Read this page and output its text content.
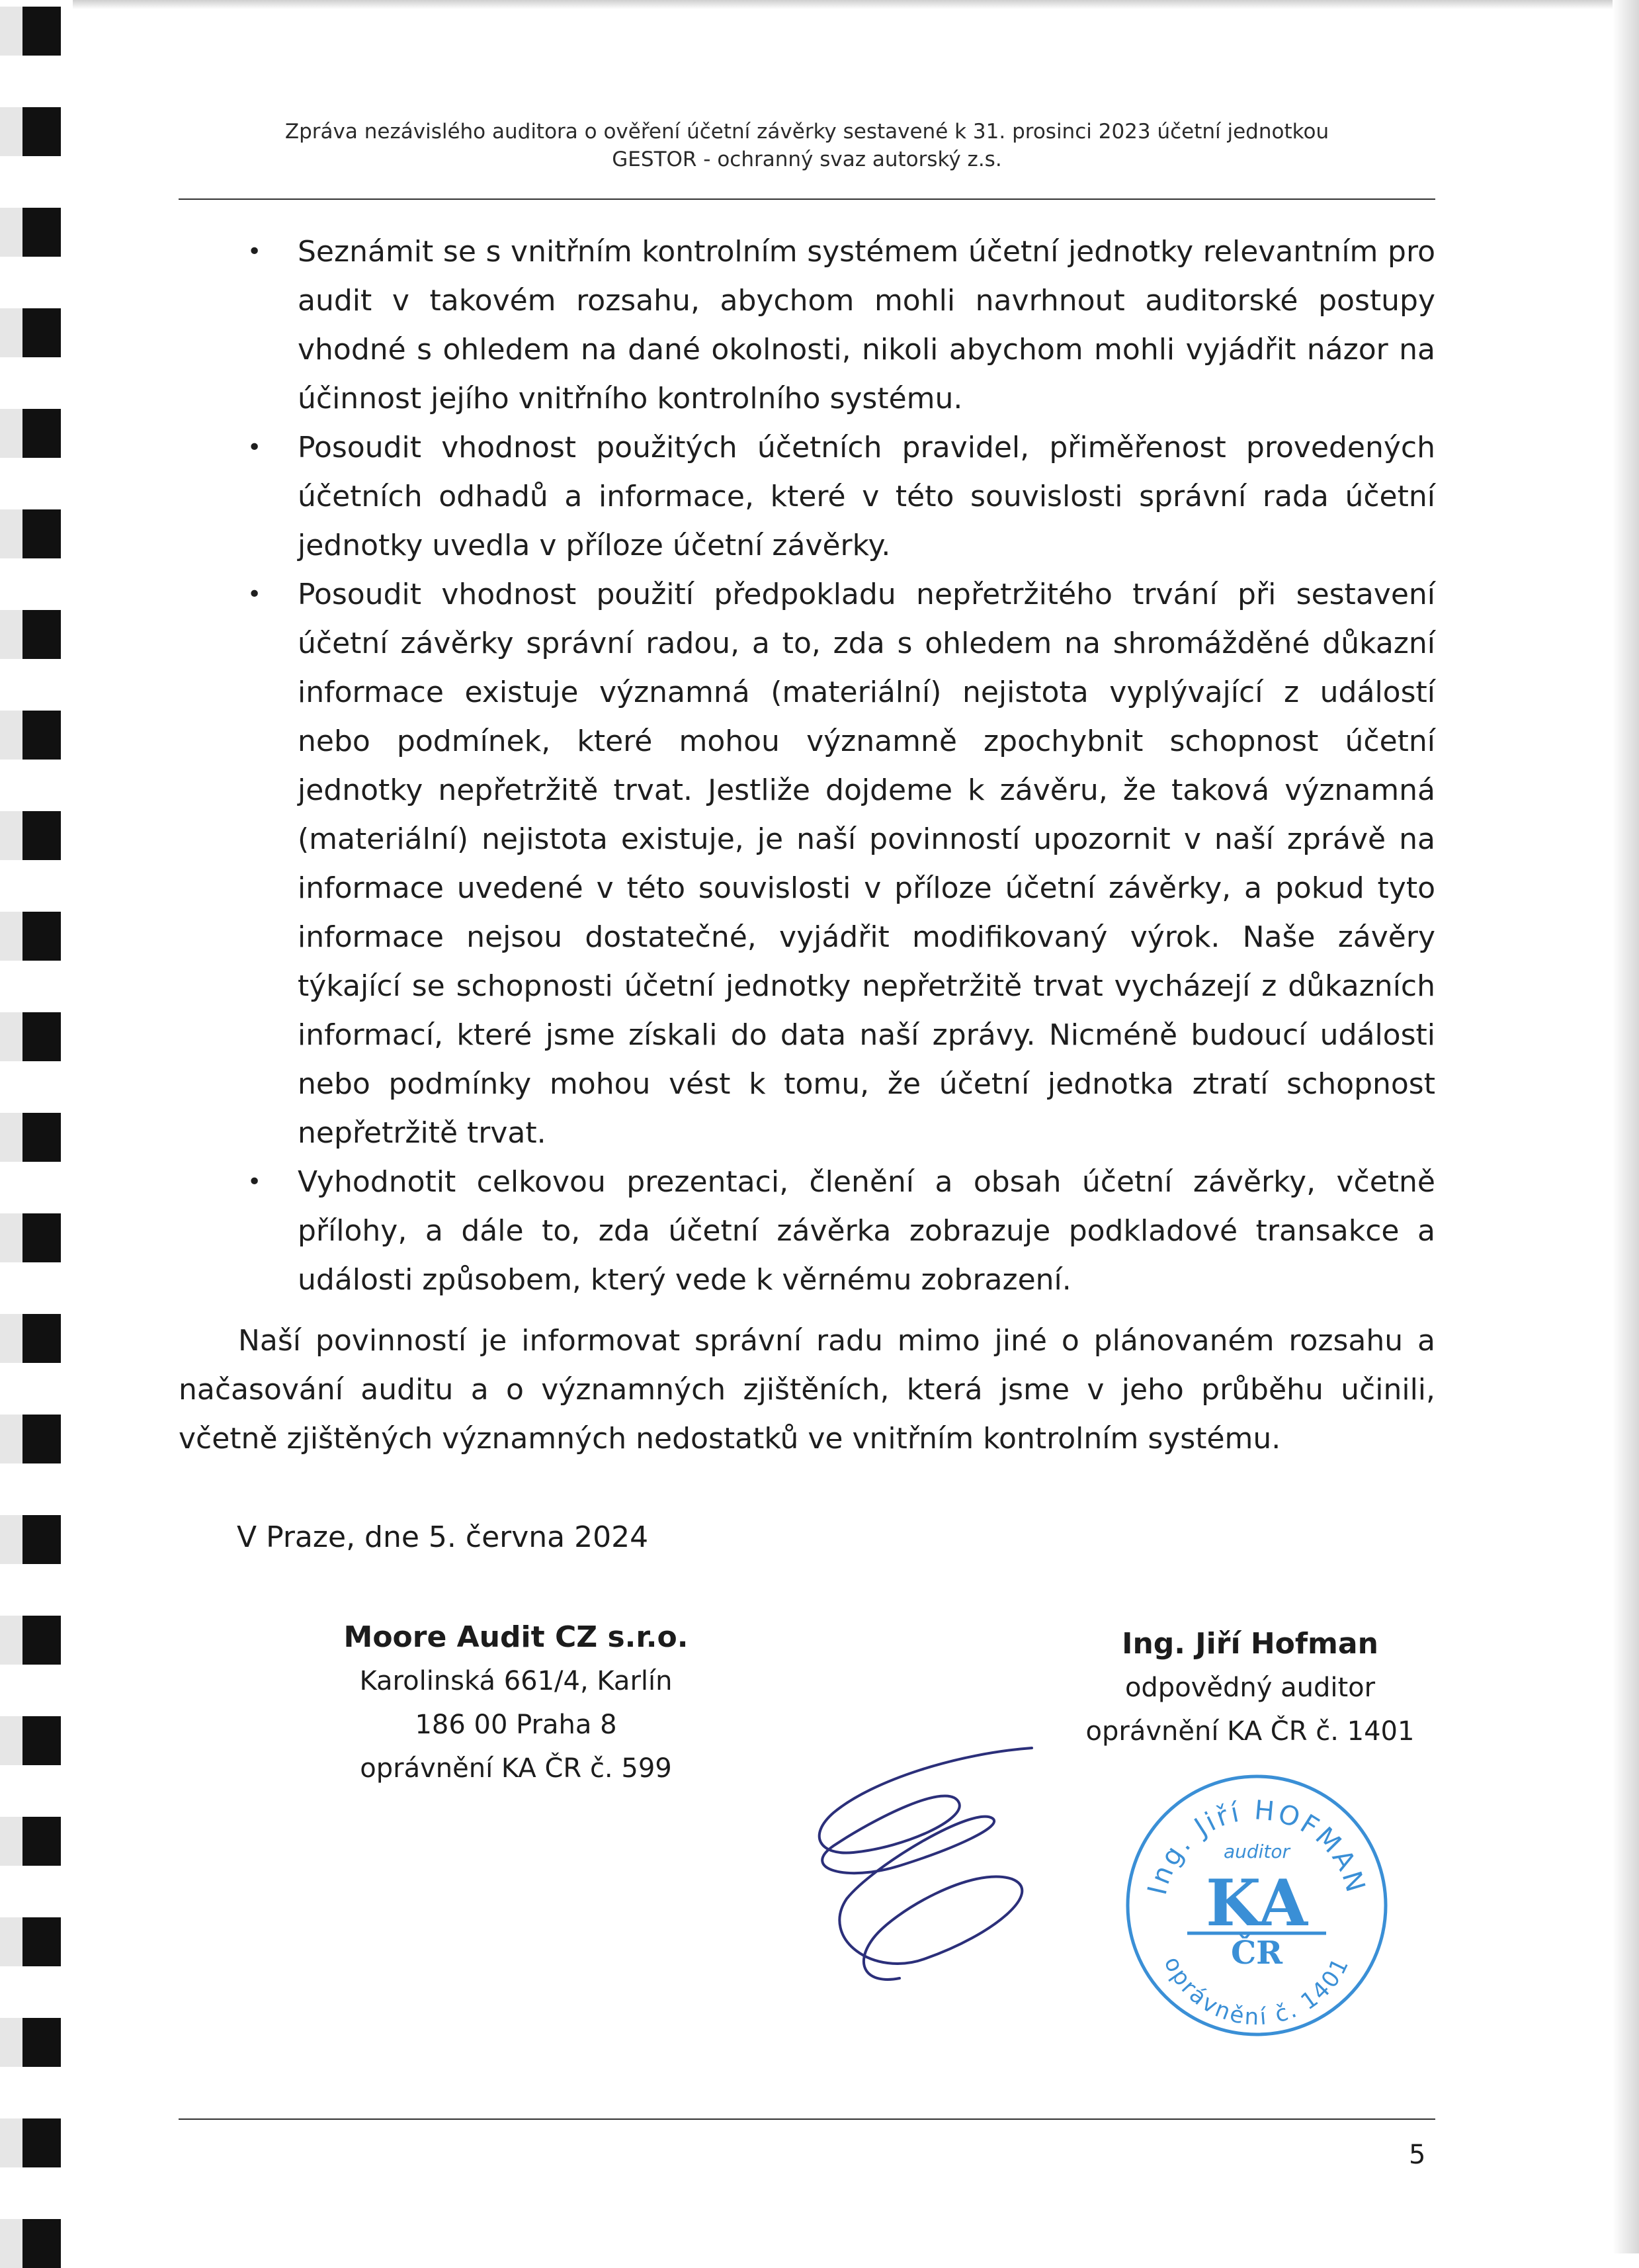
Zpráva nezávislého auditora o ověření účetní závěrky sestavené k 31. prosinci 2023 účetní jednotkou
GESTOR - ochranný svaz autorský z.s.
• Seznámit se s vnitřním kontrolním systémem účetní jednotky relevantním pro audit v takovém rozsahu, abychom mohli navrhnout auditorské postupy vhodné s ohledem na dané okolnosti, nikoli abychom mohli vyjádřit názor na účinnost jejího vnitřního kontrolního systému.
• Posoudit vhodnost použitých účetních pravidel, přiměřenost provedených účetních odhadů a informace, které v této souvislosti správní rada účetní jednotky uvedla v příloze účetní závěrky.
• Posoudit vhodnost použití předpokladu nepřetržitého trvání při sestavení účetní závěrky správní radou, a to, zda s ohledem na shromážděné důkazní informace existuje významná (materiální) nejistota vyplývající z událostí nebo podmínek, které mohou významně zpochybnit schopnost účetní jednotky nepřetržitě trvat. Jestliže dojdeme k závěru, že taková významná (materiální) nejistota existuje, je naší povinností upozornit v naší zprávě na informace uvedené v této souvislosti v příloze účetní závěrky, a pokud tyto informace nejsou dostatečné, vyjádřit modifikovaný výrok. Naše závěry týkající se schopnosti účetní jednotky nepřetržitě trvat vycházejí z důkazních informací, které jsme získali do data naší zprávy. Nicméně budoucí události nebo podmínky mohou vést k tomu, že účetní jednotka ztratí schopnost nepřetržitě trvat.
• Vyhodnotit celkovou prezentaci, členění a obsah účetní závěrky, včetně přílohy, a dále to, zda účetní závěrka zobrazuje podkladové transakce a události způsobem, který vede k věrnému zobrazení.
Naší povinností je informovat správní radu mimo jiné o plánovaném rozsahu a načasování auditu a o významných zjištěních, která jsme v jeho průběhu učinili, včetně zjištěných významných nedostatků ve vnitřním kontrolním systému.
V Praze, dne 5. června 2024
Moore Audit CZ s.r.o.
Karolinská 661/4, Karlín
186 00 Praha 8
oprávnění KA ČR č. 599
Ing. Jiří Hofman
odpovědný auditor
oprávnění KA ČR č. 1401
Ing. Jiří HOFMAN
auditor
KA
ČR
oprávnění č. 1401
5
